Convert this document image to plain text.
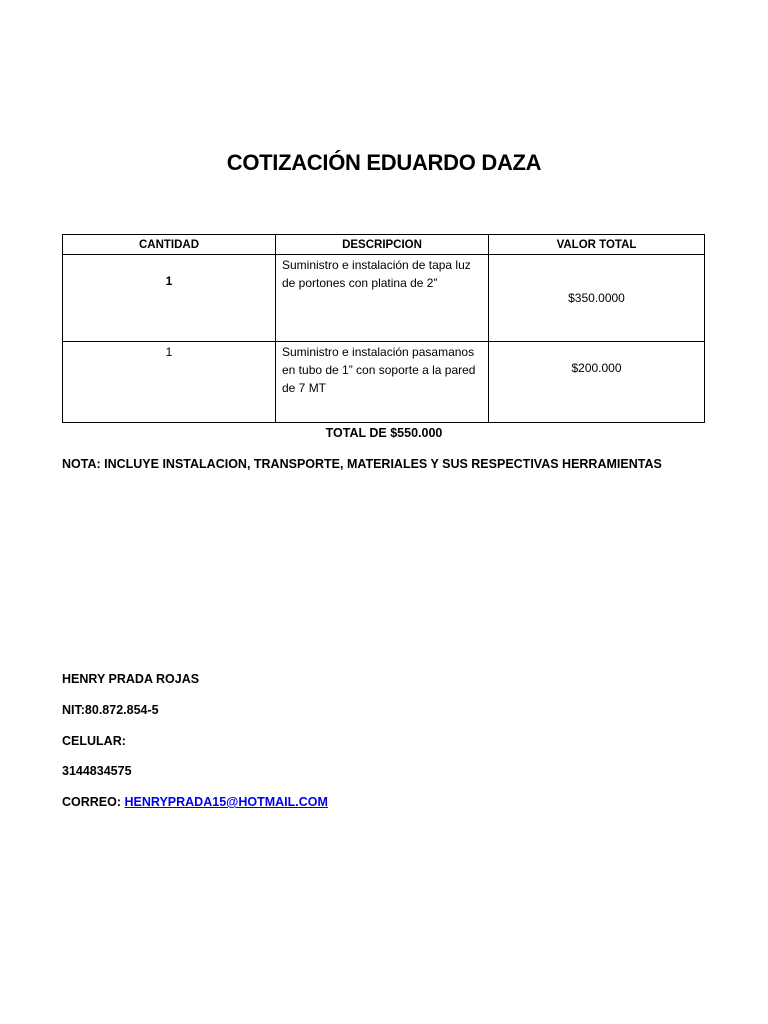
COTIZACIÓN EDUARDO DAZA
CANTIDAD	DESCRIPCION	VALOR TOTAL

1	Suministro e instalación de tapa luz de portones con platina de 2”	$350.0000

1	Suministro e instalación pasamanos en tubo de 1” con soporte a la pared de 7 MT	$200.000
TOTAL DE $550.000
NOTA: INCLUYE INSTALACION, TRANSPORTE, MATERIALES Y SUS RESPECTIVAS HERRAMIENTAS
HENRY PRADA ROJAS
NIT:80.872.854-5
CELULAR:
3144834575
CORREO: HENRYPRADA15@HOTMAIL.COM
